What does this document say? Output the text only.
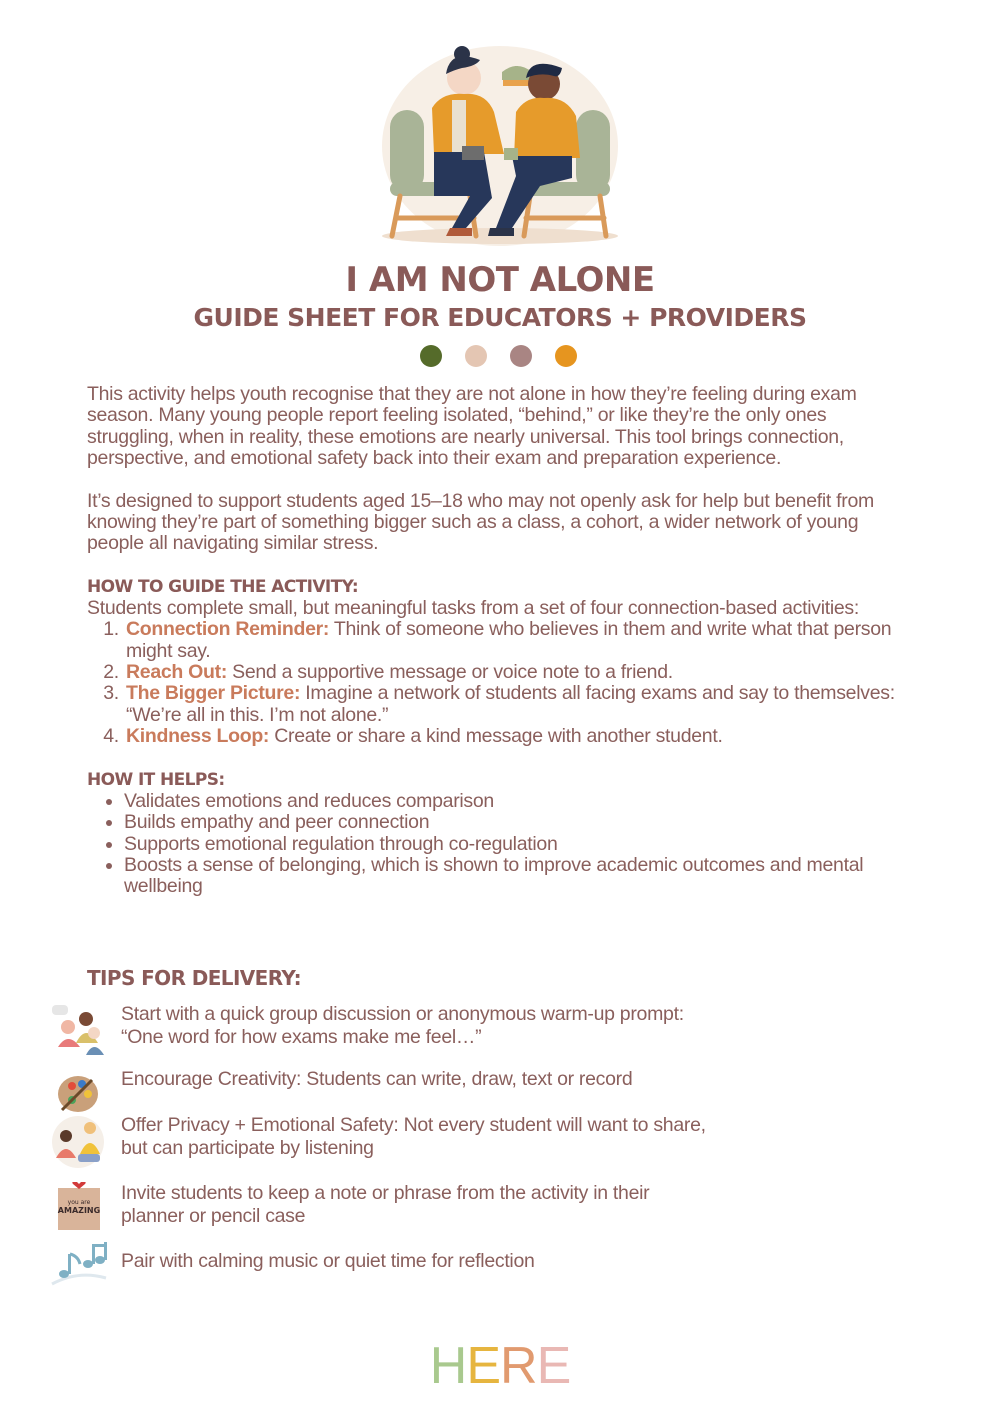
I AM NOT ALONE
GUIDE SHEET FOR EDUCATORS + PROVIDERS

This activity helps youth recognise that they are not alone in how they’re feeling during exam season. Many young people report feeling isolated, “behind,” or like they’re the only ones struggling, when in reality, these emotions are nearly universal. This tool brings connection, perspective, and emotional safety back into their exam and preparation experience.

It’s designed to support students aged 15–18 who may not openly ask for help but benefit from knowing they’re part of something bigger such as a class, a cohort, a wider network of young people all navigating similar stress.

HOW TO GUIDE THE ACTIVITY:

Students complete small, but meaningful tasks from a set of four connection-based activities:

1. Connection Reminder: Think of someone who believes in them and write what that person might say.
2. Reach Out: Send a supportive message or voice note to a friend.
3. The Bigger Picture: Imagine a network of students all facing exams and say to themselves: “We’re all in this. I’m not alone.”
4. Kindness Loop: Create or share a kind message with another student.
HOW IT HELPS:
• Validates emotions and reduces comparison
• Builds empathy and peer connection
• Supports emotional regulation through co-regulation
• Boosts a sense of belonging, which is shown to improve academic outcomes and mental wellbeing
TIPS FOR DELIVERY:

Start with a quick group discussion or anonymous warm-up prompt:
“One word for how exams make me feel…”

Encourage Creativity: Students can write, draw, text or record

Offer Privacy + Emotional Safety: Not every student will want to share,
but can participate by listening

you are
AMAZING

Invite students to keep a note or phrase from the activity in their
planner or pencil case

Pair with calming music or quiet time for reflection

HERE
